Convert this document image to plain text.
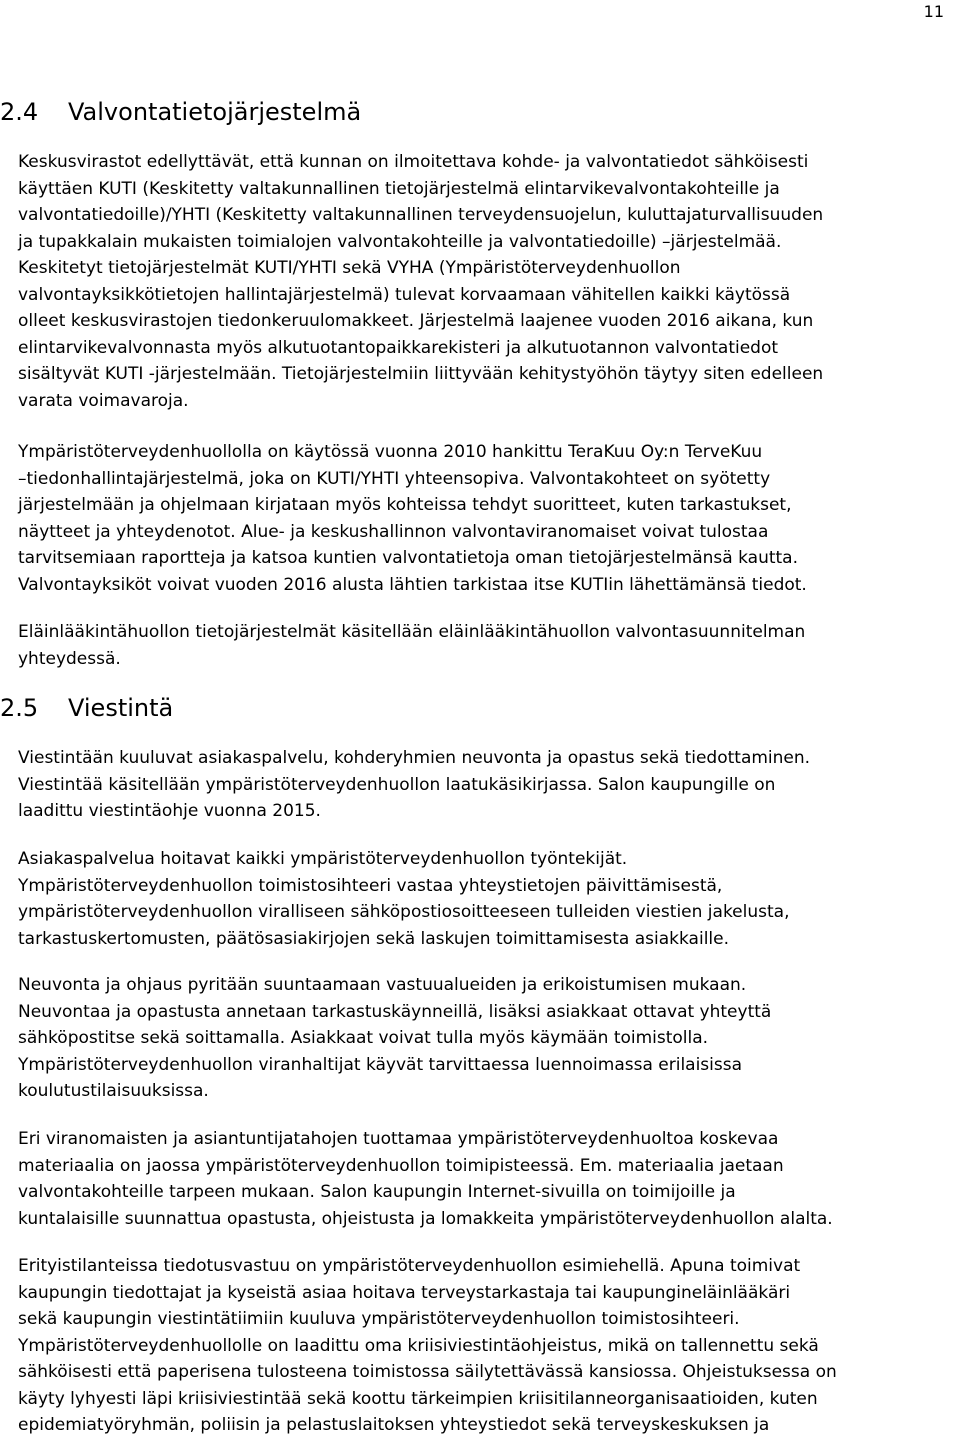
11
2.4 Valvontatietojärjestelmä
Keskusvirastot edellyttävät, että kunnan on ilmoitettava kohde- ja valvontatiedot sähköisesti
käyttäen KUTI (Keskitetty valtakunnallinen tietojärjestelmä elintarvikevalvontakohteille ja
valvontatiedoille)/YHTI (Keskitetty valtakunnallinen terveydensuojelun, kuluttajaturvallisuuden
ja tupakkalain mukaisten toimialojen valvontakohteille ja valvontatiedoille) –järjestelmää.
Keskitetyt tietojärjestelmät KUTI/YHTI sekä VYHA (Ympäristöterveydenhuollon
valvontayksikkötietojen hallintajärjestelmä) tulevat korvaamaan vähitellen kaikki käytössä
olleet keskusvirastojen tiedonkeruulomakkeet. Järjestelmä laajenee vuoden 2016 aikana, kun
elintarvikevalvonnasta myös alkutuotantopaikkarekisteri ja alkutuotannon valvontatiedot
sisältyvät KUTI -järjestelmään. Tietojärjestelmiin liittyvään kehitystyöhön täytyy siten edelleen
varata voimavaroja.
Ympäristöterveydenhuollolla on käytössä vuonna 2010 hankittu TeraKuu Oy:n TerveKuu
–tiedonhallintajärjestelmä, joka on KUTI/YHTI yhteensopiva. Valvontakohteet on syötetty
järjestelmään ja ohjelmaan kirjataan myös kohteissa tehdyt suoritteet, kuten tarkastukset,
näytteet ja yhteydenotot. Alue- ja keskushallinnon valvontaviranomaiset voivat tulostaa
tarvitsemiaan raportteja ja katsoa kuntien valvontatietoja oman tietojärjestelmänsä kautta.
Valvontayksiköt voivat vuoden 2016 alusta lähtien tarkistaa itse KUTIin lähettämänsä tiedot.
Eläinlääkintähuollon tietojärjestelmät käsitellään eläinlääkintähuollon valvontasuunnitelman
yhteydessä.
2.5 Viestintä
Viestintään kuuluvat asiakaspalvelu, kohderyhmien neuvonta ja opastus sekä tiedottaminen.
Viestintää käsitellään ympäristöterveydenhuollon laatukäsikirjassa. Salon kaupungille on
laadittu viestintäohje vuonna 2015.
Asiakaspalvelua hoitavat kaikki ympäristöterveydenhuollon työntekijät.
Ympäristöterveydenhuollon toimistosihteeri vastaa yhteystietojen päivittämisestä,
ympäristöterveydenhuollon viralliseen sähköpostiosoitteeseen tulleiden viestien jakelusta,
tarkastuskertomusten, päätösasiakirjojen sekä laskujen toimittamisesta asiakkaille.
Neuvonta ja ohjaus pyritään suuntaamaan vastuualueiden ja erikoistumisen mukaan.
Neuvontaa ja opastusta annetaan tarkastuskäynneillä, lisäksi asiakkaat ottavat yhteyttä
sähköpostitse sekä soittamalla. Asiakkaat voivat tulla myös käymään toimistolla.
Ympäristöterveydenhuollon viranhaltijat käyvät tarvittaessa luennoimassa erilaisissa
koulutustilaisuuksissa.
Eri viranomaisten ja asiantuntijatahojen tuottamaa ympäristöterveydenhuoltoa koskevaa
materiaalia on jaossa ympäristöterveydenhuollon toimipisteessä. Em. materiaalia jaetaan
valvontakohteille tarpeen mukaan. Salon kaupungin Internet-sivuilla on toimijoille ja
kuntalaisille suunnattua opastusta, ohjeistusta ja lomakkeita ympäristöterveydenhuollon alalta.
Erityistilanteissa tiedotusvastuu on ympäristöterveydenhuollon esimiehellä. Apuna toimivat
kaupungin tiedottajat ja kyseistä asiaa hoitava terveystarkastaja tai kaupungineläinlääkäri
sekä kaupungin viestintätiimiin kuuluva ympäristöterveydenhuollon toimistosihteeri.
Ympäristöterveydenhuollolle on laadittu oma kriisiviestintäohjeistus, mikä on tallennettu sekä
sähköisesti että paperisena tulosteena toimistossa säilytettävässä kansiossa. Ohjeistuksessa on
käyty lyhyesti läpi kriisiviestintää sekä koottu tärkeimpien kriisitilanneorganisaatioiden, kuten
epidemiatyöryhmän, poliisin ja pelastuslaitoksen yhteystiedot sekä terveyskeskuksen ja
